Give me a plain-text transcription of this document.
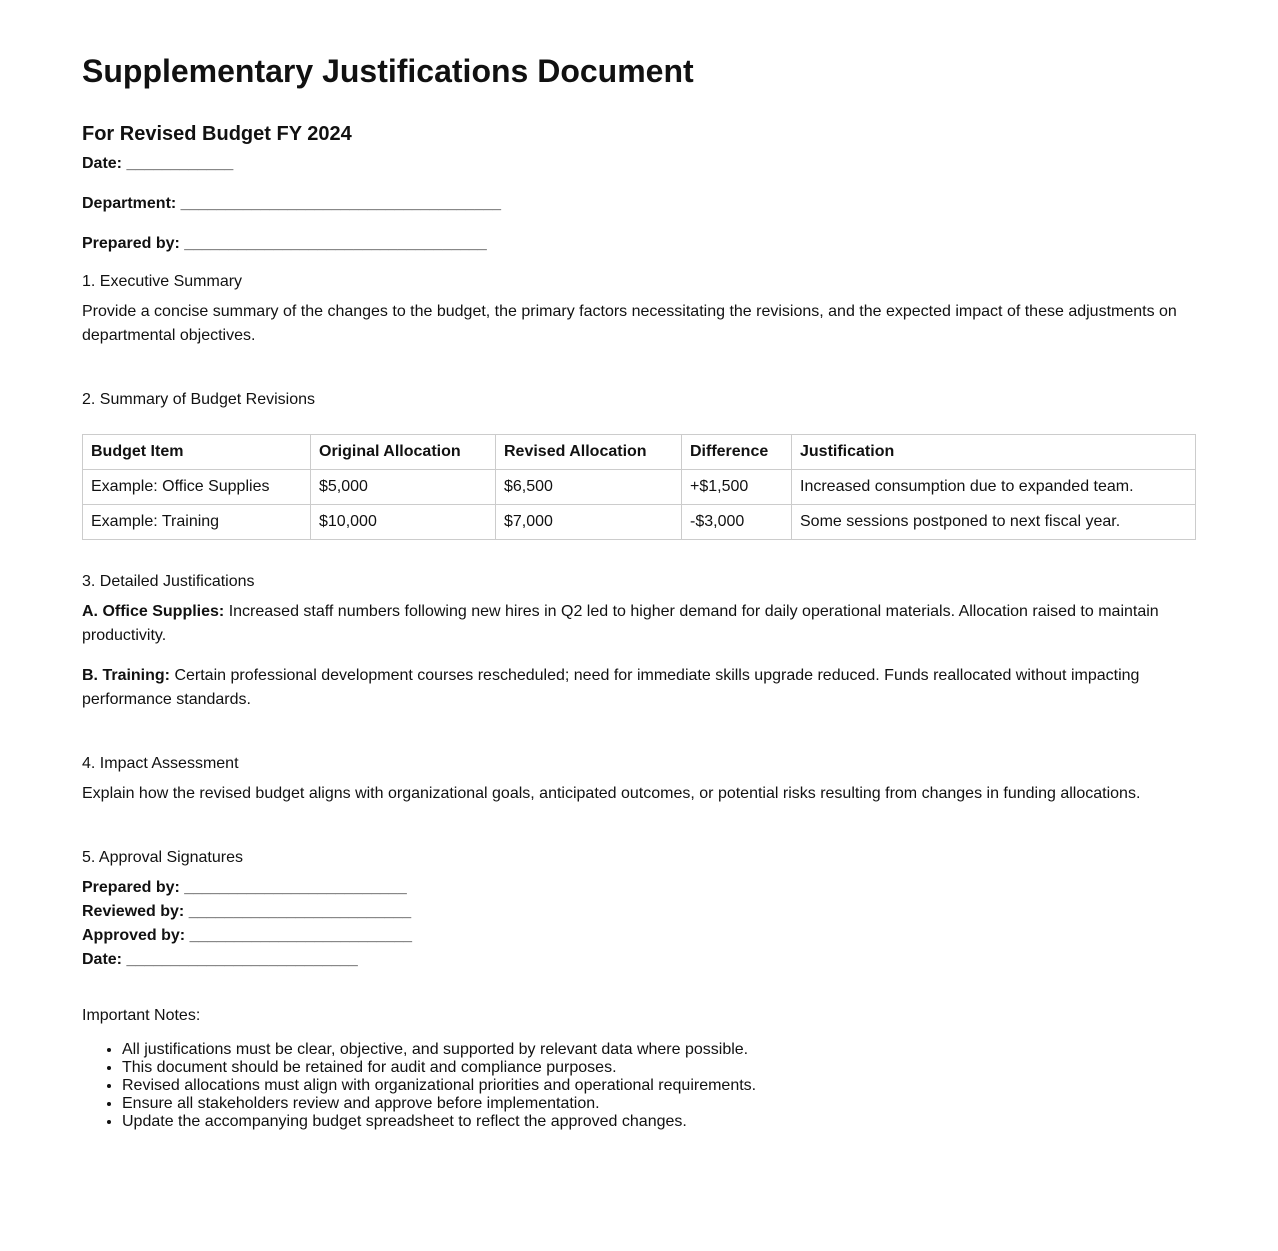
Supplementary Justifications Document
For Revised Budget FY 2024
Date: ____________
Department: ____________________________________
Prepared by: __________________________________
1. Executive Summary

Provide a concise summary of the changes to the budget, the primary factors necessitating the revisions, and the expected impact of these adjustments on departmental objectives.

2. Summary of Budget Revisions
Budget Item	Original Allocation	Revised Allocation	Difference	Justification
Example: Office Supplies	$5,000	$6,500	+$1,500	Increased consumption due to expanded team.
Example: Training	$10,000	$7,000	-$3,000	Some sessions postponed to next fiscal year.
3. Detailed Justifications

A. Office Supplies: Increased staff numbers following new hires in Q2 led to higher demand for daily operational materials. Allocation raised to maintain productivity.

B. Training: Certain professional development courses rescheduled; need for immediate skills upgrade reduced. Funds reallocated without impacting performance standards.

4. Impact Assessment

Explain how the revised budget aligns with organizational goals, anticipated outcomes, or potential risks resulting from changes in funding allocations.

5. Approval Signatures
Prepared by: _________________________
Reviewed by: _________________________
Approved by: _________________________
Date: __________________________
Important Notes:
• All justifications must be clear, objective, and supported by relevant data where possible.
• This document should be retained for audit and compliance purposes.
• Revised allocations must align with organizational priorities and operational requirements.
• Ensure all stakeholders review and approve before implementation.
• Update the accompanying budget spreadsheet to reflect the approved changes.
